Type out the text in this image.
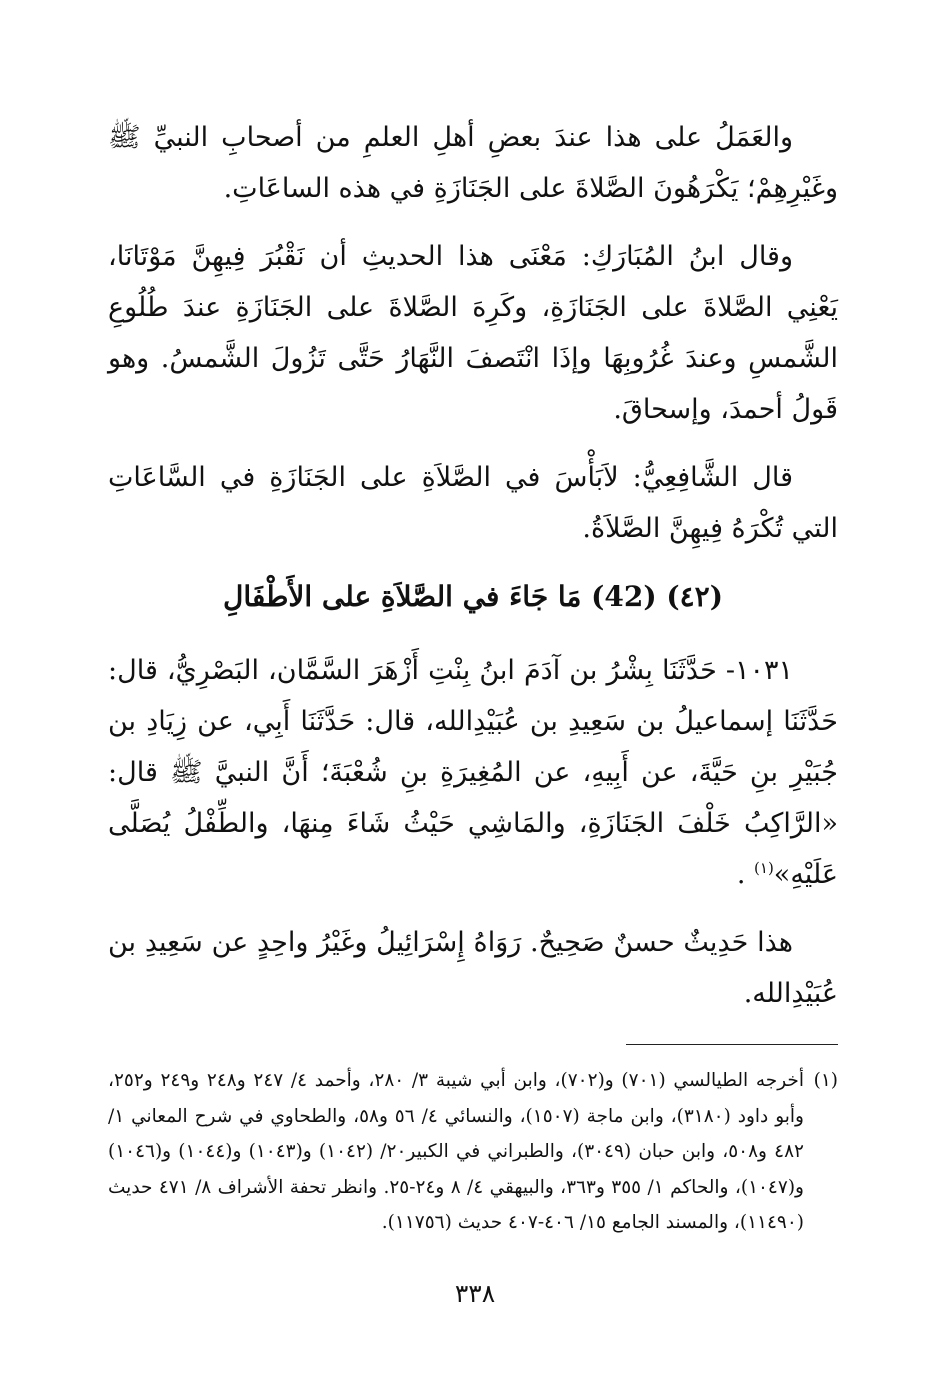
والعَمَلُ على هذا عندَ بعضِ أهلِ العلمِ من أصحابِ النبيِّ ﷺ وغَيْرِهِمْ؛ يَكْرَهُونَ الصَّلاةَ على الجَنَازَةِ في هذه الساعَاتِ.

وقال ابنُ المُبَارَكِ: مَعْنَى هذا الحديثِ أن نَقْبُرَ فِيهِنَّ مَوْتَانَا، يَعْنِي الصَّلاةَ على الجَنَازَةِ، وكَرِهَ الصَّلاةَ على الجَنَازَةِ عندَ طُلُوعِ الشَّمسِ وعندَ غُرُوبِهَا وإذَا انْتَصفَ النَّهَارُ حَتَّى تَزُولَ الشَّمسُ. وهو قَولُ أحمدَ، وإسحاقَ.

قال الشَّافِعِيُّ: لاَبَأْسَ في الصَّلاَةِ على الجَنَازَةِ في السَّاعَاتِ التي تُكْرَهُ فِيهِنَّ الصَّلاَةُ.

(٤٢) (42) مَا جَاءَ في الصَّلاَةِ على الأَطْفَالِ

١٠٣١- حَدَّثَنَا بِشْرُ بن آدَمَ ابنُ بِنْتِ أَزْهَرَ السَّمَّان، البَصْرِيُّ، قال: حَدَّثَنَا إسماعيلُ بن سَعِيدِ بن عُبَيْدِالله، قال: حَدَّثَنَا أَبِي، عن زِيَادِ بن جُبَيْرِ بنِ حَيَّةَ، عن أَبِيهِ، عن المُغِيرَةِ بنِ شُعْبَةَ؛ أَنَّ النبيَّ ﷺ قال: «الرَّاكِبُ خَلْفَ الجَنَازَةِ، والمَاشِي حَيْثُ شَاءَ مِنهَا، والطِّفْلُ يُصَلَّى عَلَيْهِ»$^{(١)}$ .

هذا حَدِيثٌ حسنٌ صَحِيحٌ. رَوَاهُ إِسْرَائِيلُ وغَيْرُ واحِدٍ عن سَعِيدِ بن عُبَيْدِالله.

(١)
أخرجه الطيالسي (٧٠١) و(٧٠٢)، وابن أبي شيبة ٣/ ٢٨٠، وأحمد ٤/ ٢٤٧ و٢٤٨ و٢٤٩ و٢٥٢، وأبو داود (٣١٨٠)، وابن ماجة (١٥٠٧)، والنسائي ٤/ ٥٦ و٥٨، والطحاوي في شرح المعاني ١/ ٤٨٢ و٥٠٨، وابن حبان (٣٠٤٩)، والطبراني في الكبير٢٠/ (١٠٤٢) و(١٠٤٣) و(١٠٤٤) و(١٠٤٦) و(١٠٤٧)، والحاكم ١/ ٣٥٥ و٣٦٣، والبيهقي ٤/ ٨ و٢٤-٢٥. وانظر تحفة الأشراف ٨/ ٤٧١ حديث (١١٤٩٠)، والمسند الجامع ١٥/ ٤٠٦-٤٠٧ حديث (١١٧٥٦).
٣٣٨
